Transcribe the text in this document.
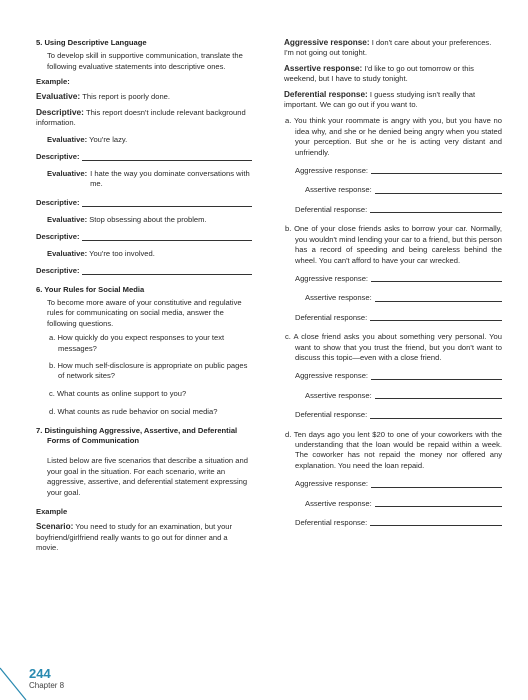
5. Using Descriptive Language
To develop skill in supportive communication, translate the following evaluative statements into descriptive ones.
Example:
Evaluative: This report is poorly done.
Descriptive: This report doesn't include relevant background information.
Evaluative: You're lazy.
Descriptive:
Evaluative: I hate the way you dominate conversations with me.
Descriptive:
Evaluative: Stop obsessing about the problem.
Descriptive:
Evaluative: You're too involved.
Descriptive:
6. Your Rules for Social Media
To become more aware of your constitutive and regulative rules for communicating on social media, answer the following questions.
a. How quickly do you expect responses to your text messages?
b. How much self-disclosure is appropriate on public pages of network sites?
c. What counts as online support to you?
d. What counts as rude behavior on social media?
7. Distinguishing Aggressive, Assertive, and Deferential Forms of Communication
Listed below are five scenarios that describe a situation and your goal in the situation. For each scenario, write an aggressive, assertive, and deferential statement expressing your goal.
Example
Scenario: You need to study for an examination, but your boyfriend/girlfriend really wants to go out for dinner and a movie.
Aggressive response: I don't care about your preferences. I'm not going out tonight.
Assertive response: I'd like to go out tomorrow or this weekend, but I have to study tonight.
Deferential response: I guess studying isn't really that important. We can go out if you want to.
a. You think your roommate is angry with you, but you have no idea why, and she or he denied being angry when you stated your perception. But she or he is acting very distant and unfriendly.
Aggressive response:
Assertive response:
Deferential response:
b. One of your close friends asks to borrow your car. Normally, you wouldn't mind lending your car to a friend, but this person has a record of speeding and being careless behind the wheel. You can't afford to have your car wrecked.
Aggressive response:
Assertive response:
Deferential response:
c. A close friend asks you about something very personal. You want to show that you trust the friend, but you don't want to discuss this topic—even with a close friend.
Aggressive response:
Assertive response:
Deferential response:
d. Ten days ago you lent $20 to one of your coworkers with the understanding that the loan would be repaid within a week. The coworker has not repaid the money nor offered any explanation. You need the loan repaid.
Aggressive response:
Assertive response:
Deferential response:
244
Chapter 8
